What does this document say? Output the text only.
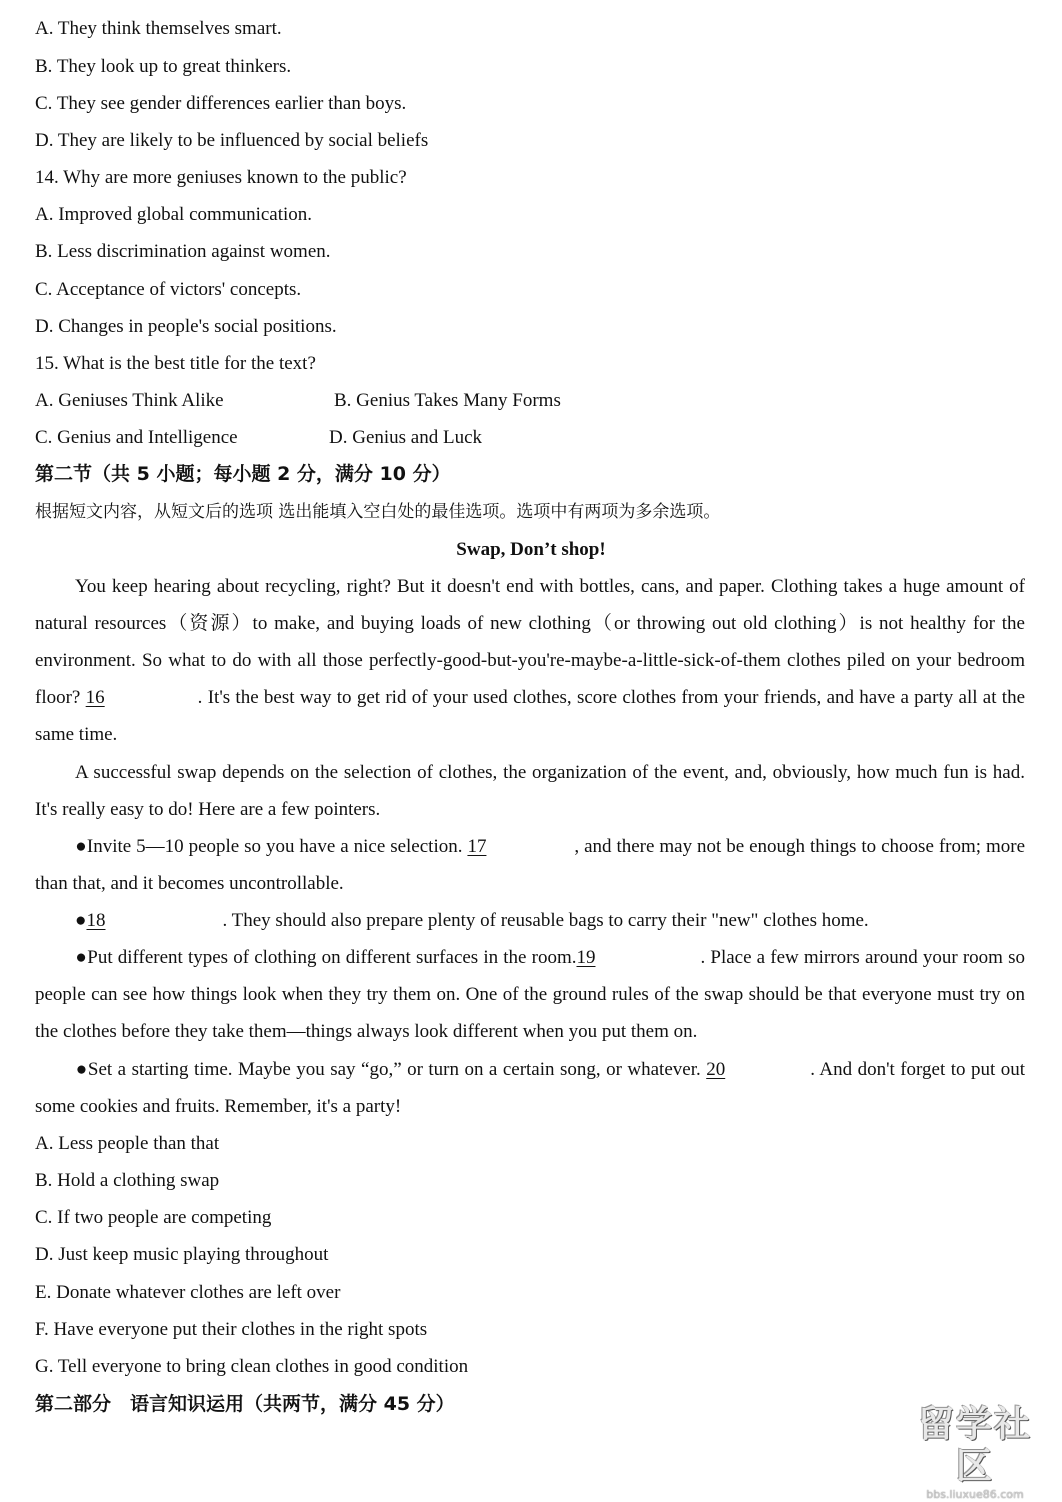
A. They think themselves smart.
B. They look up to great thinkers.
C. They see gender differences earlier than boys.
D. They are likely to be influenced by social beliefs
14. Why are more geniuses known to the public?
A. Improved global communication.
B. Less discrimination against women.
C. Acceptance of victors' concepts.
D. Changes in people's social positions.
15. What is the best title for the text?
A. Geniuses Think Alike	B. Genius Takes Many Forms
C. Genius and Intelligence	D. Genius and Luck
第二节（共 5 小题；每小题 2 分，满分 10 分）
根据短文内容，从短文后的选项 选出能填入空白处的最佳选项。选项中有两项为多余选项。
Swap, Don’t shop!
You keep hearing about recycling, right? But it doesn't end with bottles, cans, and paper. Clothing takes a huge amount of natural resources（资源）to make, and buying loads of new clothing（or throwing out old clothing）is not healthy for the environment. So what to do with all those perfectly-good-but-you're-maybe-a-little-sick-of-them clothes piled on your bedroom floor? 16	. It's the best way to get rid of your used clothes, score clothes from your friends, and have a party all at the same time.
A successful swap depends on the selection of clothes, the organization of the event, and, obviously, how much fun is had. It's really easy to do! Here are a few pointers.
●Invite 5—10 people so you have a nice selection. 17	, and there may not be enough things to choose from; more than that, and it becomes uncontrollable.
●18	. They should also prepare plenty of reusable bags to carry their "new" clothes home.
●Put different types of clothing on different surfaces in the room.19	. Place a few mirrors around your room so people can see how things look when they try them on. One of the ground rules of the swap should be that everyone must try on the clothes before they take them—things always look different when you put them on.
●Set a starting time. Maybe you say “go,” or turn on a certain song, or whatever. 20	. And don't forget to put out some cookies and fruits. Remember, it's a party!
A. Less people than that
B. Hold a clothing swap
C. If two people are competing
D. Just keep music playing throughout
E. Donate whatever clothes are left over
F. Have everyone put their clothes in the right spots
G. Tell everyone to bring clean clothes in good condition
第二部分　语言知识运用（共两节，满分 45 分）	留学社区
bbs.liuxue86.com
